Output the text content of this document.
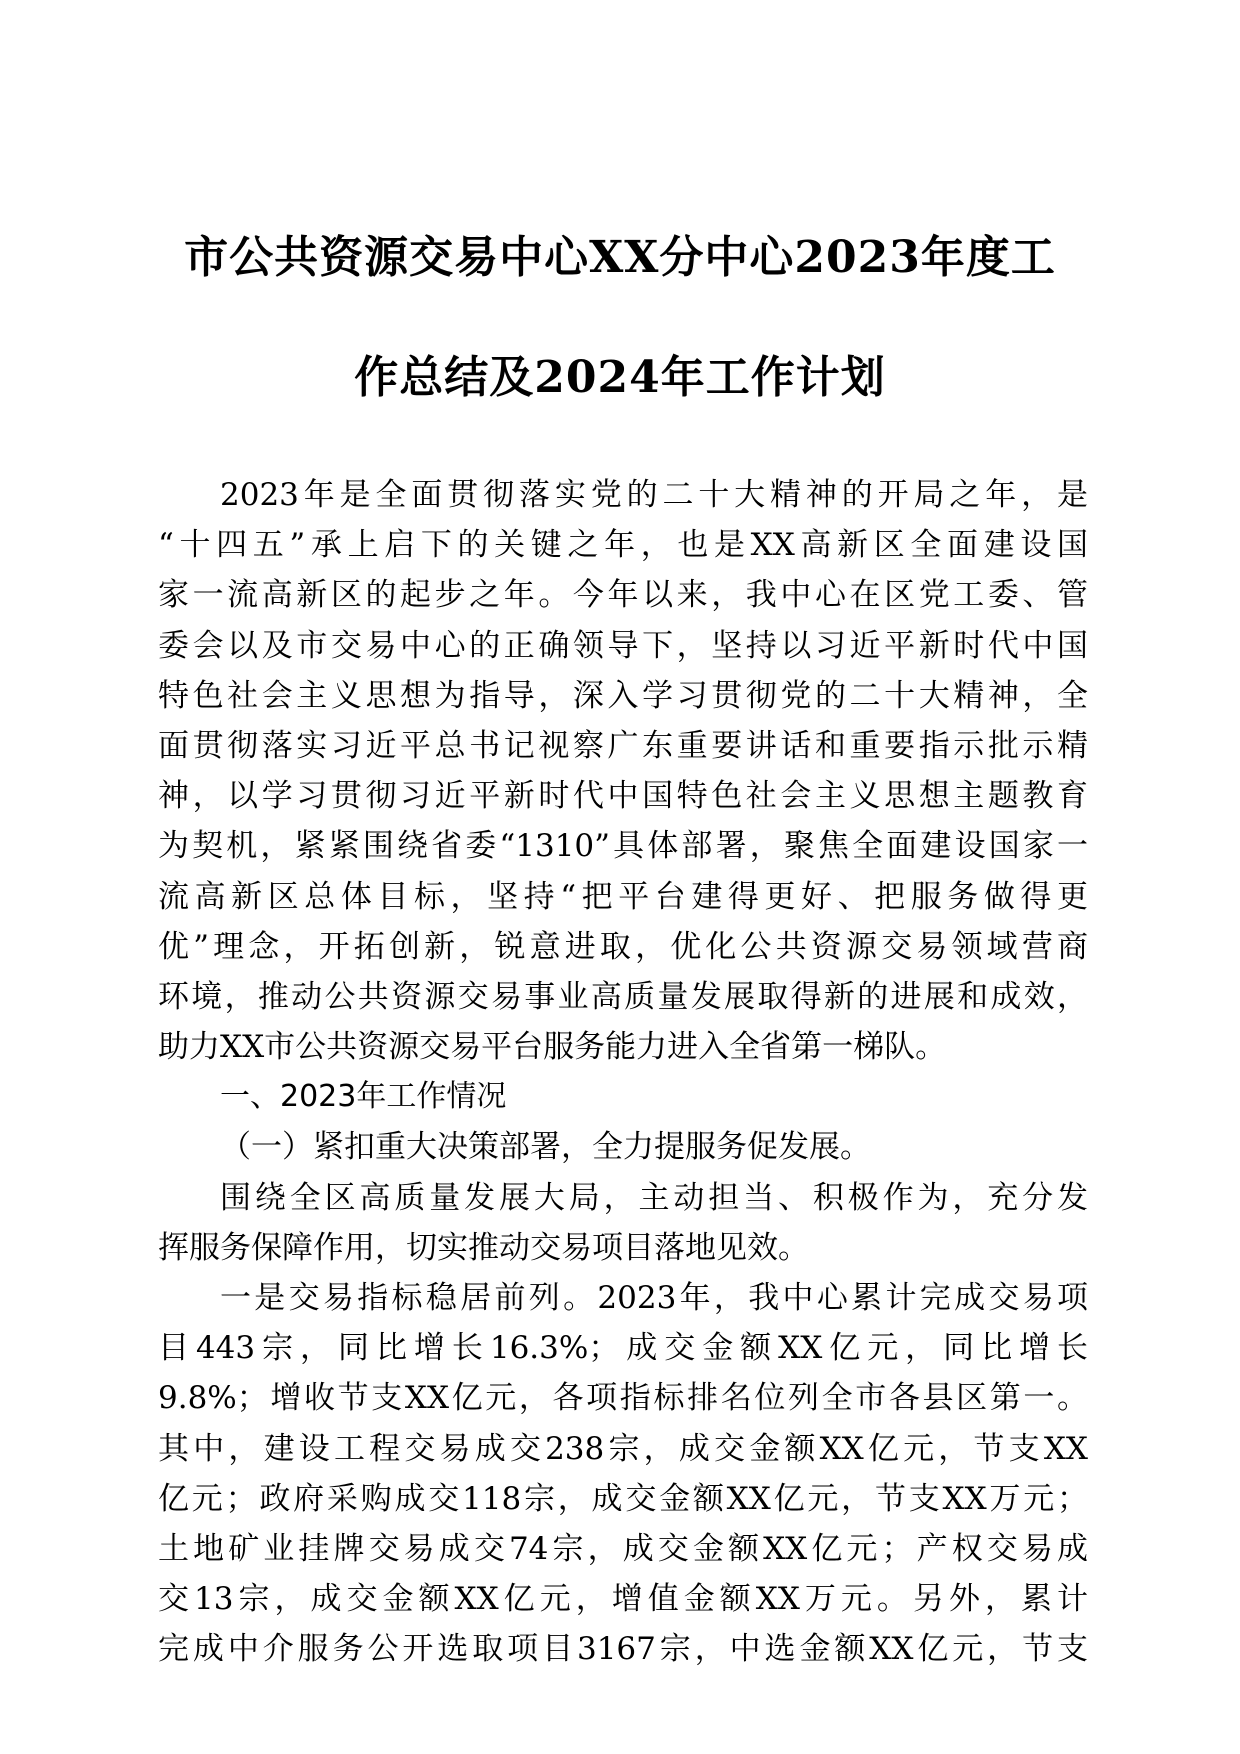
市公共资源交易中心XX分中心2023年度工
作总结及2024年工作计划
2023年是全面贯彻落实党的二十大精神的开局之年，是
“十四五”承上启下的关键之年，也是XX高新区全面建设国
家一流高新区的起步之年。今年以来，我中心在区党工委、管
委会以及市交易中心的正确领导下，坚持以习近平新时代中国
特色社会主义思想为指导，深入学习贯彻党的二十大精神，全
面贯彻落实习近平总书记视察广东重要讲话和重要指示批示精
神，以学习贯彻习近平新时代中国特色社会主义思想主题教育
为契机，紧紧围绕省委“1310”具体部署，聚焦全面建设国家一
流高新区总体目标，坚持“把平台建得更好、把服务做得更
优”理念，开拓创新，锐意进取，优化公共资源交易领域营商
环境，推动公共资源交易事业高质量发展取得新的进展和成效，
助力XX市公共资源交易平台服务能力进入全省第一梯队。
一、2023年工作情况
（一）紧扣重大决策部署，全力提服务促发展。
围绕全区高质量发展大局，主动担当、积极作为，充分发
挥服务保障作用，切实推动交易项目落地见效。
一是交易指标稳居前列。2023年，我中心累计完成交易项
目443宗，同比增长16.3%；成交金额XX亿元，同比增长
9.8%；增收节支XX亿元，各项指标排名位列全市各县区第一。
其中，建设工程交易成交238宗，成交金额XX亿元，节支XX
亿元；政府采购成交118宗，成交金额XX亿元，节支XX万元；
土地矿业挂牌交易成交74宗，成交金额XX亿元；产权交易成
交13宗，成交金额XX亿元，增值金额XX万元。另外，累计
完成中介服务公开选取项目3167宗，中选金额XX亿元，节支
